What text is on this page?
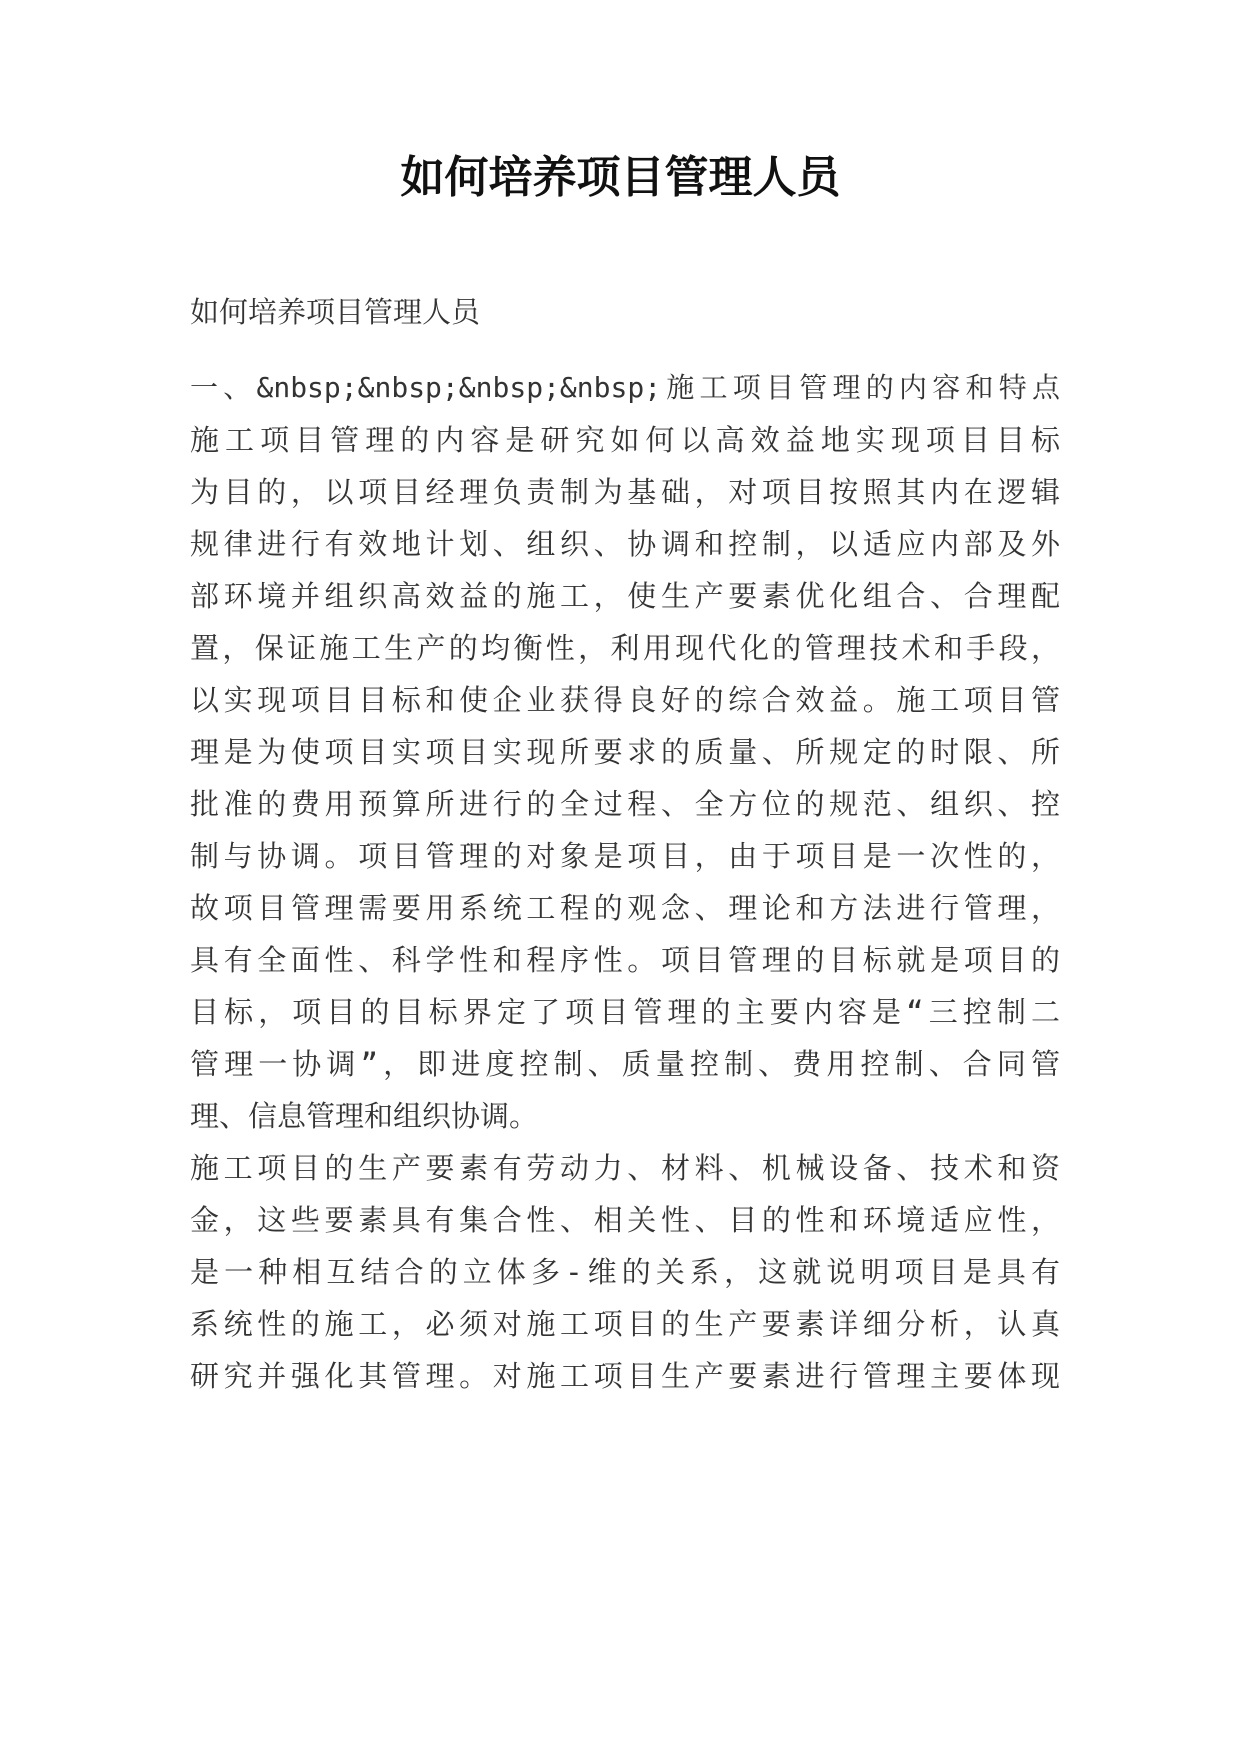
如何培养项目管理人员

如何培养项目管理人员

一、&nbsp;&nbsp;&nbsp;&nbsp;施工项目管理的内容和特点

施工项目管理的内容是研究如何以高效益地实现项目目标

为目的，以项目经理负责制为基础，对项目按照其内在逻辑

规律进行有效地计划、组织、协调和控制，以适应内部及外

部环境并组织高效益的施工，使生产要素优化组合、合理配

置，保证施工生产的均衡性，利用现代化的管理技术和手段，

以实现项目目标和使企业获得良好的综合效益。施工项目管

理是为使项目实项目实现所要求的质量、所规定的时限、所

批准的费用预算所进行的全过程、全方位的规范、组织、控

制与协调。项目管理的对象是项目，由于项目是一次性的，

故项目管理需要用系统工程的观念、理论和方法进行管理，

具有全面性、科学性和程序性。项目管理的目标就是项目的

目标，项目的目标界定了项目管理的主要内容是“三控制二

管理一协调”，即进度控制、质量控制、费用控制、合同管

理、信息管理和组织协调。

施工项目的生产要素有劳动力、材料、机械设备、技术和资

金，这些要素具有集合性、相关性、目的性和环境适应性，

是一种相互结合的立体多-维的关系，这就说明项目是具有

系统性的施工，必须对施工项目的生产要素详细分析，认真

研究并强化其管理。对施工项目生产要素进行管理主要体现
